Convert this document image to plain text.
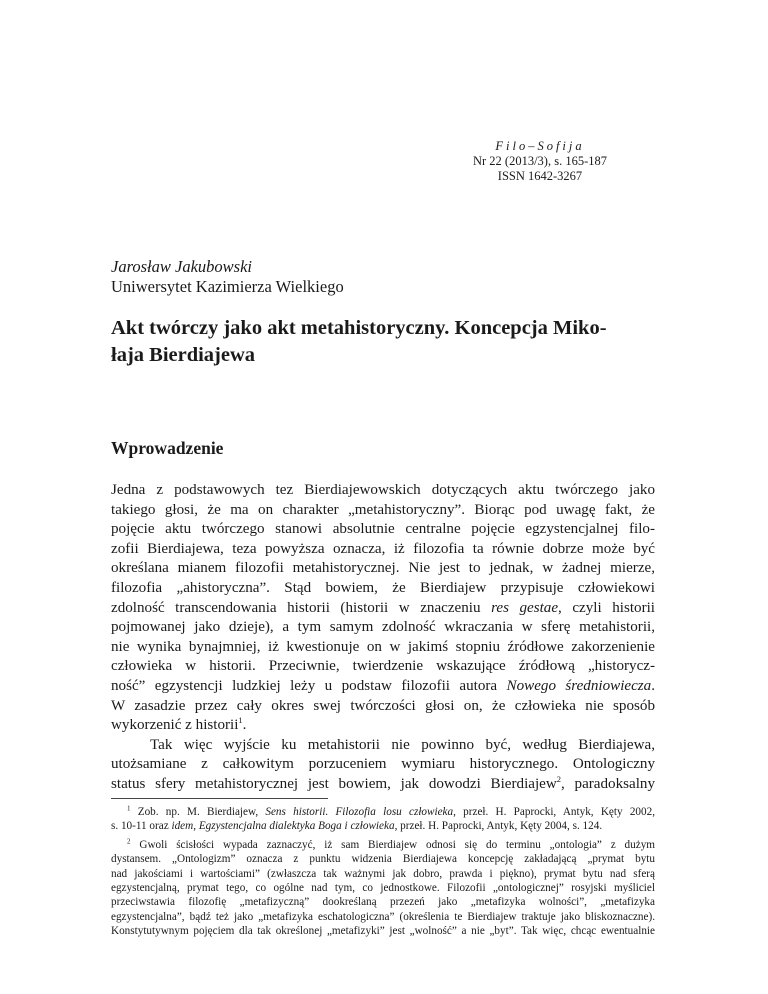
Filo–Sofija
Nr 22 (2013/3), s. 165-187
ISSN 1642-3267
Jarosław Jakubowski
Uniwersytet Kazimierza Wielkiego
Akt twórczy jako akt metahistoryczny. Koncepcja Miko-
łaja Bierdiajewa
Wprowadzenie
Jedna z podstawowych tez Bierdiajewowskich dotyczących aktu twórczego jako
takiego głosi, że ma on charakter „metahistoryczny”. Biorąc pod uwagę fakt, że
pojęcie aktu twórczego stanowi absolutnie centralne pojęcie egzystencjalnej filo-
zofii Bierdiajewa, teza powyższa oznacza, iż filozofia ta równie dobrze może być
określana mianem filozofii metahistorycznej. Nie jest to jednak, w żadnej mierze,
filozofia „ahistoryczna”. Stąd bowiem, że Bierdiajew przypisuje człowiekowi
zdolność transcendowania historii (historii w znaczeniu res gestae, czyli historii
pojmowanej jako dzieje), a tym samym zdolność wkraczania w sferę metahistorii,
nie wynika bynajmniej, iż kwestionuje on w jakimś stopniu źródłowe zakorzenienie
człowieka w historii. Przeciwnie, twierdzenie wskazujące źródłową „historycz-
ność” egzystencji ludzkiej leży u podstaw filozofii autora Nowego średniowiecza.
W zasadzie przez cały okres swej twórczości głosi on, że człowieka nie sposób
wykorzenić z historii$^1$.
Tak więc wyjście ku metahistorii nie powinno być, według Bierdiajewa,
utożsamiane z całkowitym porzuceniem wymiaru historycznego. Ontologiczny
status sfery metahistorycznej jest bowiem, jak dowodzi Bierdiajew$^2$, paradoksalny
$^1$ Zob. np. M. Bierdiajew, Sens historii. Filozofia losu człowieka, przeł. H. Paprocki, Antyk, Kęty 2002,
s. 10-11 oraz idem, Egzystencjalna dialektyka Boga i człowieka, przeł. H. Paprocki, Antyk, Kęty 2004, s. 124.
$^2$ Gwoli ścisłości wypada zaznaczyć, iż sam Bierdiajew odnosi się do terminu „ontologia” z dużym
dystansem. „Ontologizm” oznacza z punktu widzenia Bierdiajewa koncepcję zakładającą „prymat bytu
nad jakościami i wartościami” (zwłaszcza tak ważnymi jak dobro, prawda i piękno), prymat bytu nad sferą
egzystencjalną, prymat tego, co ogólne nad tym, co jednostkowe. Filozofii „ontologicznej” rosyjski myśliciel
przeciwstawia filozofię „metafizyczną” dookreślaną przezeń jako „metafizyka wolności”, „metafizyka
egzystencjalna”, bądź też jako „metafizyka eschatologiczna” (określenia te Bierdiajew traktuje jako bliskoznaczne).
Konstytutywnym pojęciem dla tak określonej „metafizyki” jest „wolność” a nie „byt”. Tak więc, chcąc ewentualnie
